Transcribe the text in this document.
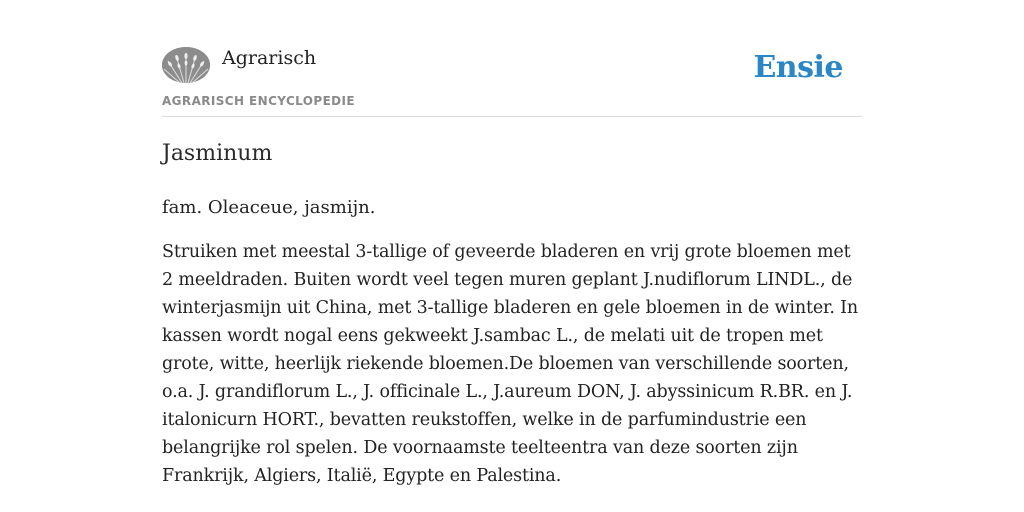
Agrarisch
AGRARISCH ENCYCLOPEDIE
Ensie
Jasminum

fam. Oleaceue, jasmijn.

Struiken met meestal 3-tallige of geveerde bladeren en vrij grote bloemen met 2 meeldraden. Buiten wordt veel tegen muren geplant J.nudiflorum LINDL., de winterjasmijn uit China, met 3-tallige bladeren en gele bloemen in de winter. In kassen wordt nogal eens gekweekt J.sambac L., de melati uit de tropen met grote, witte, heerlijk riekende bloemen.De bloemen van verschillende soorten, o.a. J. grandiflorum L., J. officinale L., J.aureum DON, J. abyssinicum R.BR. en J. italonicurn HORT., bevatten reukstoffen, welke in de parfumindustrie een belangrijke rol spelen. De voornaamste teelteentra van deze soorten zijn Frankrijk, Algiers, Italië, Egypte en Palestina.
